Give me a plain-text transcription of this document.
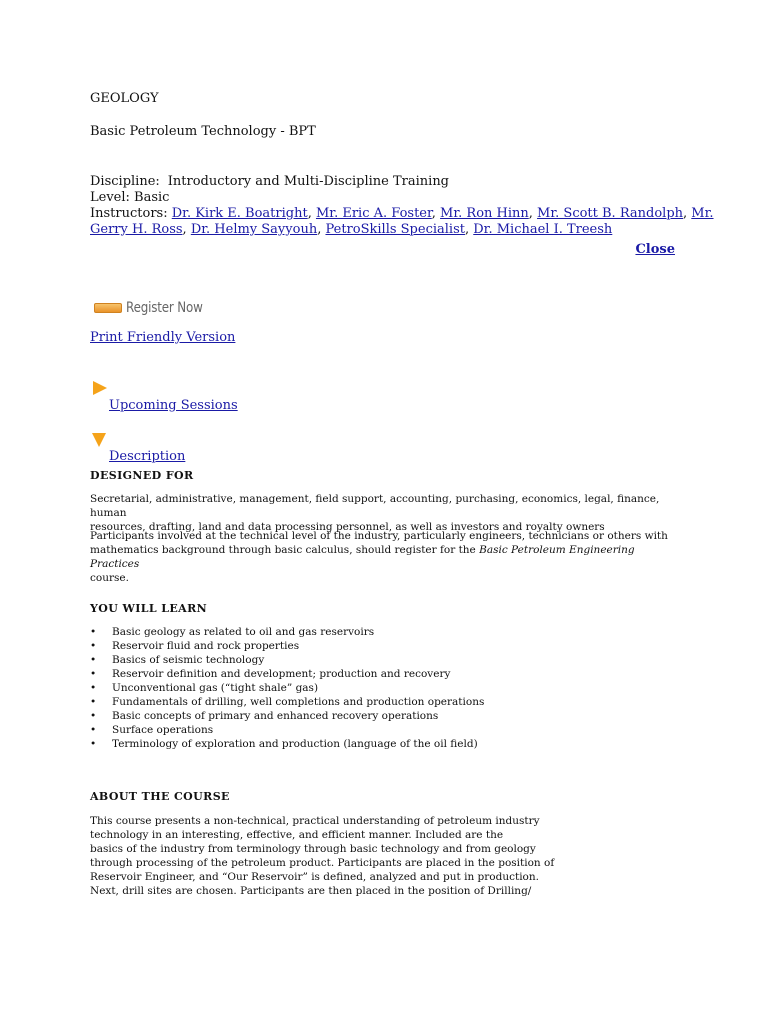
GEOLOGY
Basic Petroleum Technology - BPT
Discipline: Introductory and Multi-Discipline Training
Level: Basic
Instructors: Dr. Kirk E. Boatright, Mr. Eric A. Foster, Mr. Ron Hinn, Mr. Scott B. Randolph, Mr.
Gerry H. Ross, Dr. Helmy Sayyouh, PetroSkills Specialist, Dr. Michael I. Treesh
Close
Register Now
Print Friendly Version
Upcoming Sessions
Description
DESIGNED FOR
Secretarial, administrative, management, field support, accounting, purchasing, economics, legal, finance, human
resources, drafting, land and data processing personnel, as well as investors and royalty owners
Participants involved at the technical level of the industry, particularly engineers, technicians or others with
mathematics background through basic calculus, should register for the Basic Petroleum Engineering Practices
course.
YOU WILL LEARN
• Basic geology as related to oil and gas reservoirs
• Reservoir fluid and rock properties
• Basics of seismic technology
• Reservoir definition and development; production and recovery
• Unconventional gas (“tight shale” gas)
• Fundamentals of drilling, well completions and production operations
• Basic concepts of primary and enhanced recovery operations
• Surface operations
• Terminology of exploration and production (language of the oil field)
ABOUT THE COURSE
This course presents a non-technical, practical understanding of petroleum industry
technology in an interesting, effective, and efficient manner. Included are the
basics of the industry from terminology through basic technology and from geology
through processing of the petroleum product. Participants are placed in the position of
Reservoir Engineer, and “Our Reservoir” is defined, analyzed and put in production.
Next, drill sites are chosen. Participants are then placed in the position of Drilling/
